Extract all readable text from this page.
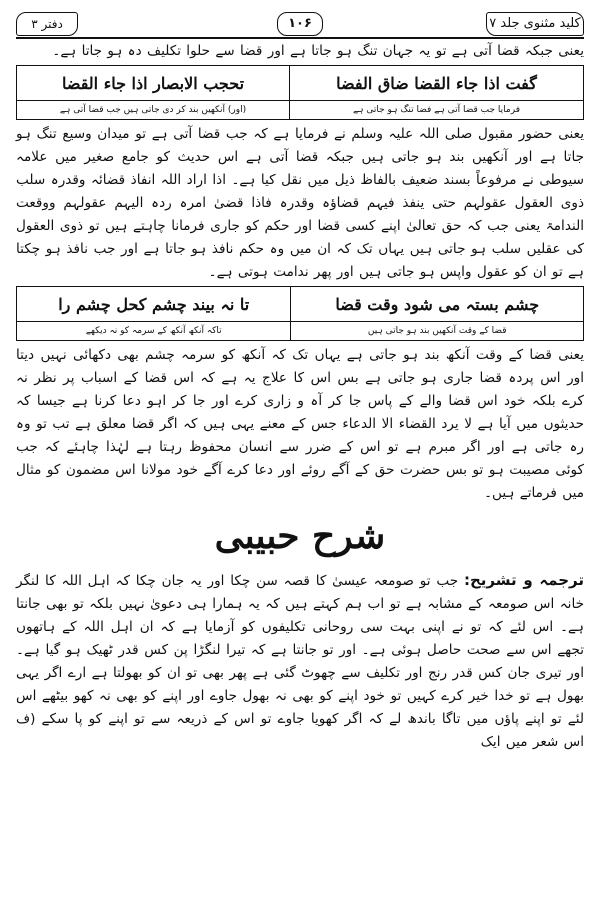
کلید مثنوی جلد ۷
۱۰۶
دفتر ۳

یعنی جبکہ قضا آتی ہے تو یہ جہان تنگ ہو جاتا ہے اور قضا سے حلوا تکلیف دہ ہو جاتا ہے۔

گفت اذا جاء القضا ضاق الفضا	تحجب الابصار اذا جاء القضا
فرمایا جب قضا آتی ہے فضا تنگ ہو جاتی ہے	(اور) آنکھیں بند کر دی جاتی ہیں جب قضا آتی ہے

یعنی حضور مقبول صلی اللہ علیہ وسلم نے فرمایا ہے کہ جب قضا آتی ہے تو میدان وسیع تنگ ہو جاتا ہے اور آنکھیں بند ہو جاتی ہیں جبکہ قضا آتی ہے اس حدیث کو جامع صغیر میں علامہ سیوطی نے مرفوعاً بسند ضعیف بالفاظ ذیل میں نقل کیا ہے۔ اذا اراد اللہ انفاذ قضائہ وقدرہ سلب ذوی العقول عقولہم حتی ینفذ فیہم قضاؤہ وقدرہ فاذا قضیٰ امرہ ردہ الیہم عقولہم ووقعت الندامۃ یعنی جب کہ حق تعالیٰ اپنے کسی قضا اور حکم کو جاری فرمانا چاہتے ہیں تو ذوی العقول کی عقلیں سلب ہو جاتی ہیں یہاں تک کہ ان میں وہ حکم نافذ ہو جاتا ہے اور جب نافذ ہو چکتا ہے تو ان کو عقول واپس ہو جاتی ہیں اور پھر ندامت ہوتی ہے۔

چشم بستہ می شود وقت قضا	تا نہ بیند چشم کحل چشم را
قضا کے وقت آنکھیں بند ہو جاتی ہیں	تاکہ آنکھ آنکھ کے سرمہ کو نہ دیکھے

یعنی قضا کے وقت آنکھ بند ہو جاتی ہے یہاں تک کہ آنکھ کو سرمہ چشم بھی دکھائی نہیں دیتا اور اس پردہ قضا جاری ہو جاتی ہے بس اس کا علاج یہ ہے کہ اس قضا کے اسباب پر نظر نہ کرے بلکہ خود اس قضا والے کے پاس جا کر آہ و زاری کرے اور جا کر اہو دعا کرنا ہے جیسا کہ حدیثوں میں آیا ہے لا یرد القضاء الا الدعاء جس کے معنے یہی ہیں کہ اگر قضا معلق ہے تب تو وہ رہ جاتی ہے اور اگر مبرم ہے تو اس کے ضرر سے انسان محفوظ رہتا ہے لہٰذا چاہئے کہ جب کوئی مصیبت ہو تو بس حضرت حق کے آگے روئے اور دعا کرے آگے خود مولانا اس مضمون کو مثال میں فرماتے ہیں۔

شرح حبیبی

ترجمہ و تشریح: جب تو صومعہ عیسیٰ کا قصہ سن چکا اور یہ جان چکا کہ اہل اللہ کا لنگر خانہ اس صومعہ کے مشابہ ہے تو اب ہم کہتے ہیں کہ یہ ہمارا ہی دعویٰ نہیں بلکہ تو بھی جانتا ہے۔ اس لئے کہ تو نے اپنی بہت سی روحانی تکلیفوں کو آزمایا ہے کہ ان اہل اللہ کے ہاتھوں تجھے اس سے صحت حاصل ہوئی ہے۔ اور تو جانتا ہے کہ تیرا لنگڑا پن کس قدر ٹھیک ہو گیا ہے۔ اور تیری جان کس قدر رنج اور تکلیف سے چھوٹ گئی ہے پھر بھی تو ان کو بھولتا ہے ارے اگر یہی بھول ہے تو خدا خیر کرے کہیں تو خود اپنے کو بھی نہ بھول جاوے اور اپنے کو بھی نہ کھو بیٹھے اس لئے تو اپنے پاؤں میں تاگا باندھ لے کہ اگر کھویا جاوے تو اس کے ذریعہ سے تو اپنے کو پا سکے (ف اس شعر میں ایک
